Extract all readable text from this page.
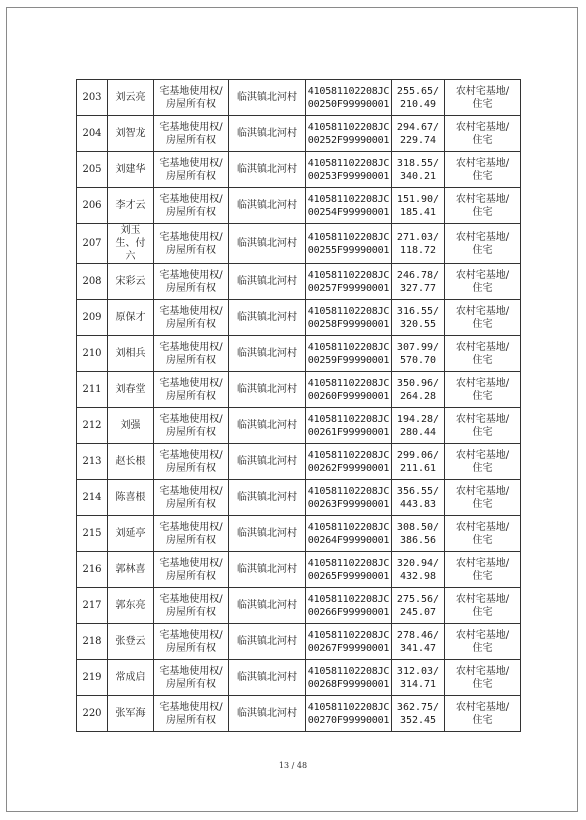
203	刘云亮	宅基地使用权/
房屋所有权	临淇镇北河村	410581102208JC
00250F99990001	255.65/
210.49	农村宅基地/
住宅

204	刘智龙	宅基地使用权/
房屋所有权	临淇镇北河村	410581102208JC
00252F99990001	294.67/
229.74	农村宅基地/
住宅

205	刘建华	宅基地使用权/
房屋所有权	临淇镇北河村	410581102208JC
00253F99990001	318.55/
340.21	农村宅基地/
住宅

206	李才云	宅基地使用权/
房屋所有权	临淇镇北河村	410581102208JC
00254F99990001	151.90/
185.41	农村宅基地/
住宅

207	刘玉
生、付
六	宅基地使用权/
房屋所有权	临淇镇北河村	410581102208JC
00255F99990001	271.03/
118.72	农村宅基地/
住宅

208	宋彩云	宅基地使用权/
房屋所有权	临淇镇北河村	410581102208JC
00257F99990001	246.78/
327.77	农村宅基地/
住宅

209	原保才	宅基地使用权/
房屋所有权	临淇镇北河村	410581102208JC
00258F99990001	316.55/
320.55	农村宅基地/
住宅

210	刘相兵	宅基地使用权/
房屋所有权	临淇镇北河村	410581102208JC
00259F99990001	307.99/
570.70	农村宅基地/
住宅

211	刘春堂	宅基地使用权/
房屋所有权	临淇镇北河村	410581102208JC
00260F99990001	350.96/
264.28	农村宅基地/
住宅

212	刘强	宅基地使用权/
房屋所有权	临淇镇北河村	410581102208JC
00261F99990001	194.28/
280.44	农村宅基地/
住宅

213	赵长根	宅基地使用权/
房屋所有权	临淇镇北河村	410581102208JC
00262F99990001	299.06/
211.61	农村宅基地/
住宅

214	陈喜根	宅基地使用权/
房屋所有权	临淇镇北河村	410581102208JC
00263F99990001	356.55/
443.83	农村宅基地/
住宅

215	刘延亭	宅基地使用权/
房屋所有权	临淇镇北河村	410581102208JC
00264F99990001	308.50/
386.56	农村宅基地/
住宅

216	郭林喜	宅基地使用权/
房屋所有权	临淇镇北河村	410581102208JC
00265F99990001	320.94/
432.98	农村宅基地/
住宅

217	郭东亮	宅基地使用权/
房屋所有权	临淇镇北河村	410581102208JC
00266F99990001	275.56/
245.07	农村宅基地/
住宅

218	张登云	宅基地使用权/
房屋所有权	临淇镇北河村	410581102208JC
00267F99990001	278.46/
341.47	农村宅基地/
住宅

219	常成启	宅基地使用权/
房屋所有权	临淇镇北河村	410581102208JC
00268F99990001	312.03/
314.71	农村宅基地/
住宅

220	张军海	宅基地使用权/
房屋所有权	临淇镇北河村	410581102208JC
00270F99990001	362.75/
352.45	农村宅基地/
住宅
13 / 48
